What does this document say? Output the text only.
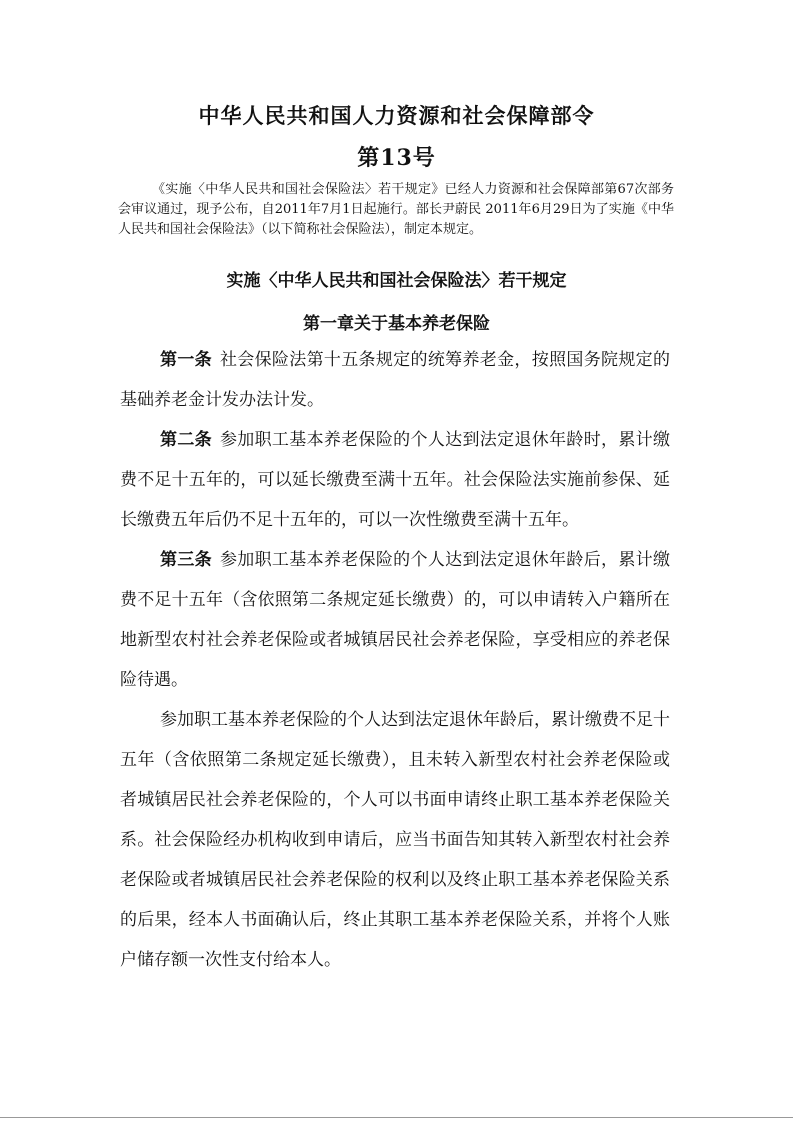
中华人民共和国人力资源和社会保障部令
第13号

《实施〈中华人民共和国社会保险法〉若干规定》已经人力资源和社会保障部第67次部务会审议通过，现予公布，自2011年7月1日起施行。部长尹蔚民 2011年6月29日为了实施《中华人民共和国社会保险法》（以下简称社会保险法），制定本规定。

实施〈中华人民共和国社会保险法〉若干规定
第一章关于基本养老保险

第一条 社会保险法第十五条规定的统筹养老金，按照国务院规定的基础养老金计发办法计发。

第二条 参加职工基本养老保险的个人达到法定退休年龄时，累计缴费不足十五年的，可以延长缴费至满十五年。社会保险法实施前参保、延长缴费五年后仍不足十五年的，可以一次性缴费至满十五年。

第三条 参加职工基本养老保险的个人达到法定退休年龄后，累计缴费不足十五年（含依照第二条规定延长缴费）的，可以申请转入户籍所在地新型农村社会养老保险或者城镇居民社会养老保险，享受相应的养老保险待遇。

参加职工基本养老保险的个人达到法定退休年龄后，累计缴费不足十五年（含依照第二条规定延长缴费），且未转入新型农村社会养老保险或者城镇居民社会养老保险的，个人可以书面申请终止职工基本养老保险关系。社会保险经办机构收到申请后，应当书面告知其转入新型农村社会养老保险或者城镇居民社会养老保险的权利以及终止职工基本养老保险关系的后果，经本人书面确认后，终止其职工基本养老保险关系，并将个人账户储存额一次性支付给本人。
